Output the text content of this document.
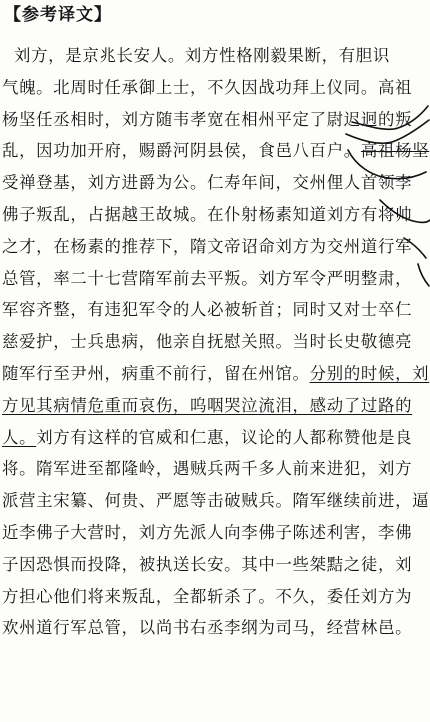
【参考译文】
刘方，是京兆长安人。刘方性格刚毅果断，有胆识
气魄。北周时任承御上士，不久因战功拜上仪同。高祖
杨坚任丞相时，刘方随韦孝宽在相州平定了尉迟迥的叛
乱，因功加开府，赐爵河阴县侯，食邑八百户。高祖杨坚
受禅登基，刘方进爵为公。仁寿年间，交州俚人首领李
佛子叛乱，占据越王故城。在仆射杨素知道刘方有将帅
之才，在杨素的推荐下，隋文帝诏命刘方为交州道行军
总管，率二十七营隋军前去平叛。刘方军令严明整肃，
军容齐整，有违犯军令的人必被斩首；同时又对士卒仁
慈爱护，士兵患病，他亲自抚慰关照。当时长史敬德亮
随军行至尹州，病重不前行，留在州馆。分别的时候，刘
方见其病情危重而哀伤，呜咽哭泣流泪，感动了过路的
人。刘方有这样的官威和仁惠，议论的人都称赞他是良
将。隋军进至都隆岭，遇贼兵两千多人前来进犯，刘方
派营主宋纂、何贵、严愿等击破贼兵。隋军继续前进，逼
近李佛子大营时，刘方先派人向李佛子陈述利害，李佛
子因恐惧而投降，被执送长安。其中一些桀黠之徒，刘
方担心他们将来叛乱，全都斩杀了。不久，委任刘方为
欢州道行军总管，以尚书右丞李纲为司马，经营林邑。
